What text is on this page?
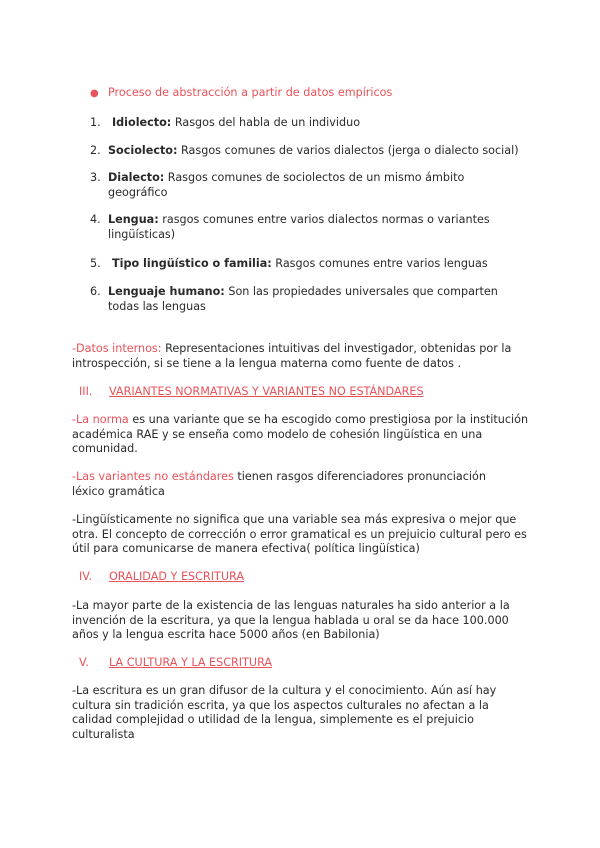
● Proceso de abstracción a partir de datos empíricos
1. Idiolecto: Rasgos del habla de un individuo
2. Sociolecto: Rasgos comunes de varios dialectos (jerga o dialecto social)
3. Dialecto: Rasgos comunes de sociolectos de un mismo ámbito geográfico
4. Lengua: rasgos comunes entre varios dialectos normas o variantes lingüísticas)
5. Tipo lingüístico o familia: Rasgos comunes entre varios lenguas
6. Lenguaje humano: Son las propiedades universales que comparten todas las lenguas
-Datos internos: Representaciones intuitivas del investigador, obtenidas por la introspección, si se tiene a la lengua materna como fuente de datos .
III. VARIANTES NORMATIVAS Y VARIANTES NO ESTÁNDARES
-La norma es una variante que se ha escogido como prestigiosa por la institución académica RAE y se enseña como modelo de cohesión lingüística en una comunidad.
-Las variantes no estándares tienen rasgos diferenciadores pronunciación léxico gramática
-Lingüísticamente no significa que una variable sea más expresiva o mejor que otra. El concepto de corrección o error gramatical es un prejuicio cultural pero es útil para comunicarse de manera efectiva( política lingüística)
IV. ORALIDAD Y ESCRITURA
-La mayor parte de la existencia de las lenguas naturales ha sido anterior a la invención de la escritura, ya que la lengua hablada u oral se da hace 100.000 años y la lengua escrita hace 5000 años (en Babilonia)
V. LA CULTURA Y LA ESCRITURA
-La escritura es un gran difusor de la cultura y el conocimiento. Aún así hay cultura sin tradición escrita, ya que los aspectos culturales no afectan a la calidad complejidad o utilidad de la lengua, simplemente es el prejuicio culturalista
